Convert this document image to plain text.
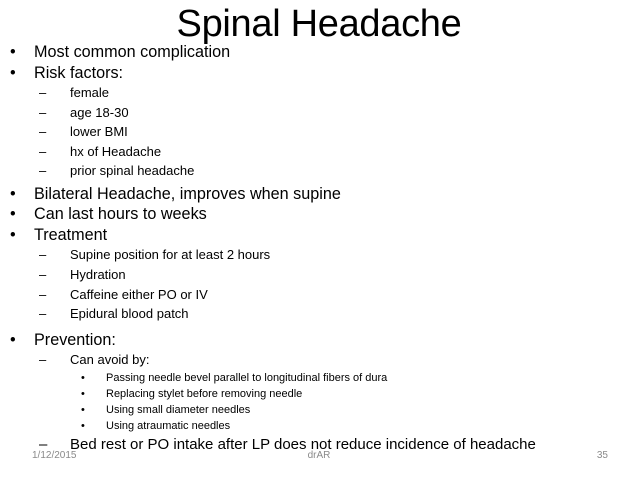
Spinal Headache
• Most common complication
• Risk factors:
– female
– age 18-30
– lower BMI
– hx of Headache
– prior spinal headache
• Bilateral Headache, improves when supine
• Can last hours to weeks
• Treatment
– Supine position for at least 2 hours
– Hydration
– Caffeine either PO or IV
– Epidural blood patch
• Prevention:
– Can avoid by:
• Passing needle bevel parallel to longitudinal fibers of dura
• Replacing stylet before removing needle
• Using small diameter needles
• Using atraumatic needles
– Bed rest or PO intake after LP does not reduce incidence of headache
1/12/2015	drAR	35
